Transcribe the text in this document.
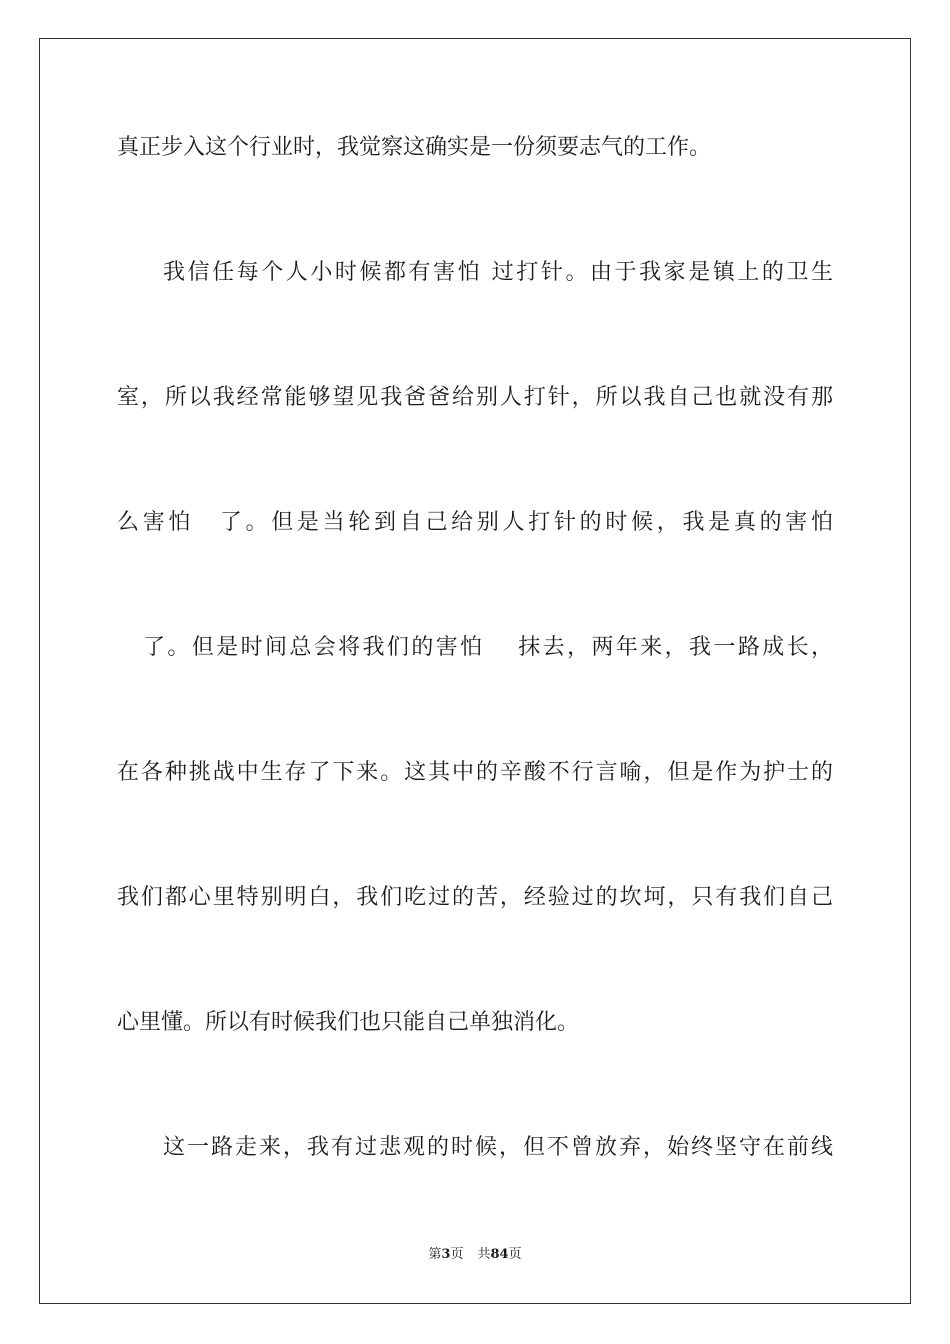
真正步入这个行业时，我觉察这确实是一份须要志气的工作。
我信任每个人小时候都有害怕 过打针。由于我家是镇上的卫生
室，所以我经常能够望见我爸爸给别人打针，所以我自己也就没有那
么害怕　了。但是当轮到自己给别人打针的时候，我是真的害怕
了。但是时间总会将我们的害怕　 抹去，两年来，我一路成长，
在各种挑战中生存了下来。这其中的辛酸不行言喻，但是作为护士的
我们都心里特别明白，我们吃过的苦，经验过的坎坷，只有我们自己
心里懂。所以有时候我们也只能自己单独消化。
这一路走来，我有过悲观的时候，但不曾放弃，始终坚守在前线
第3页 共84页
